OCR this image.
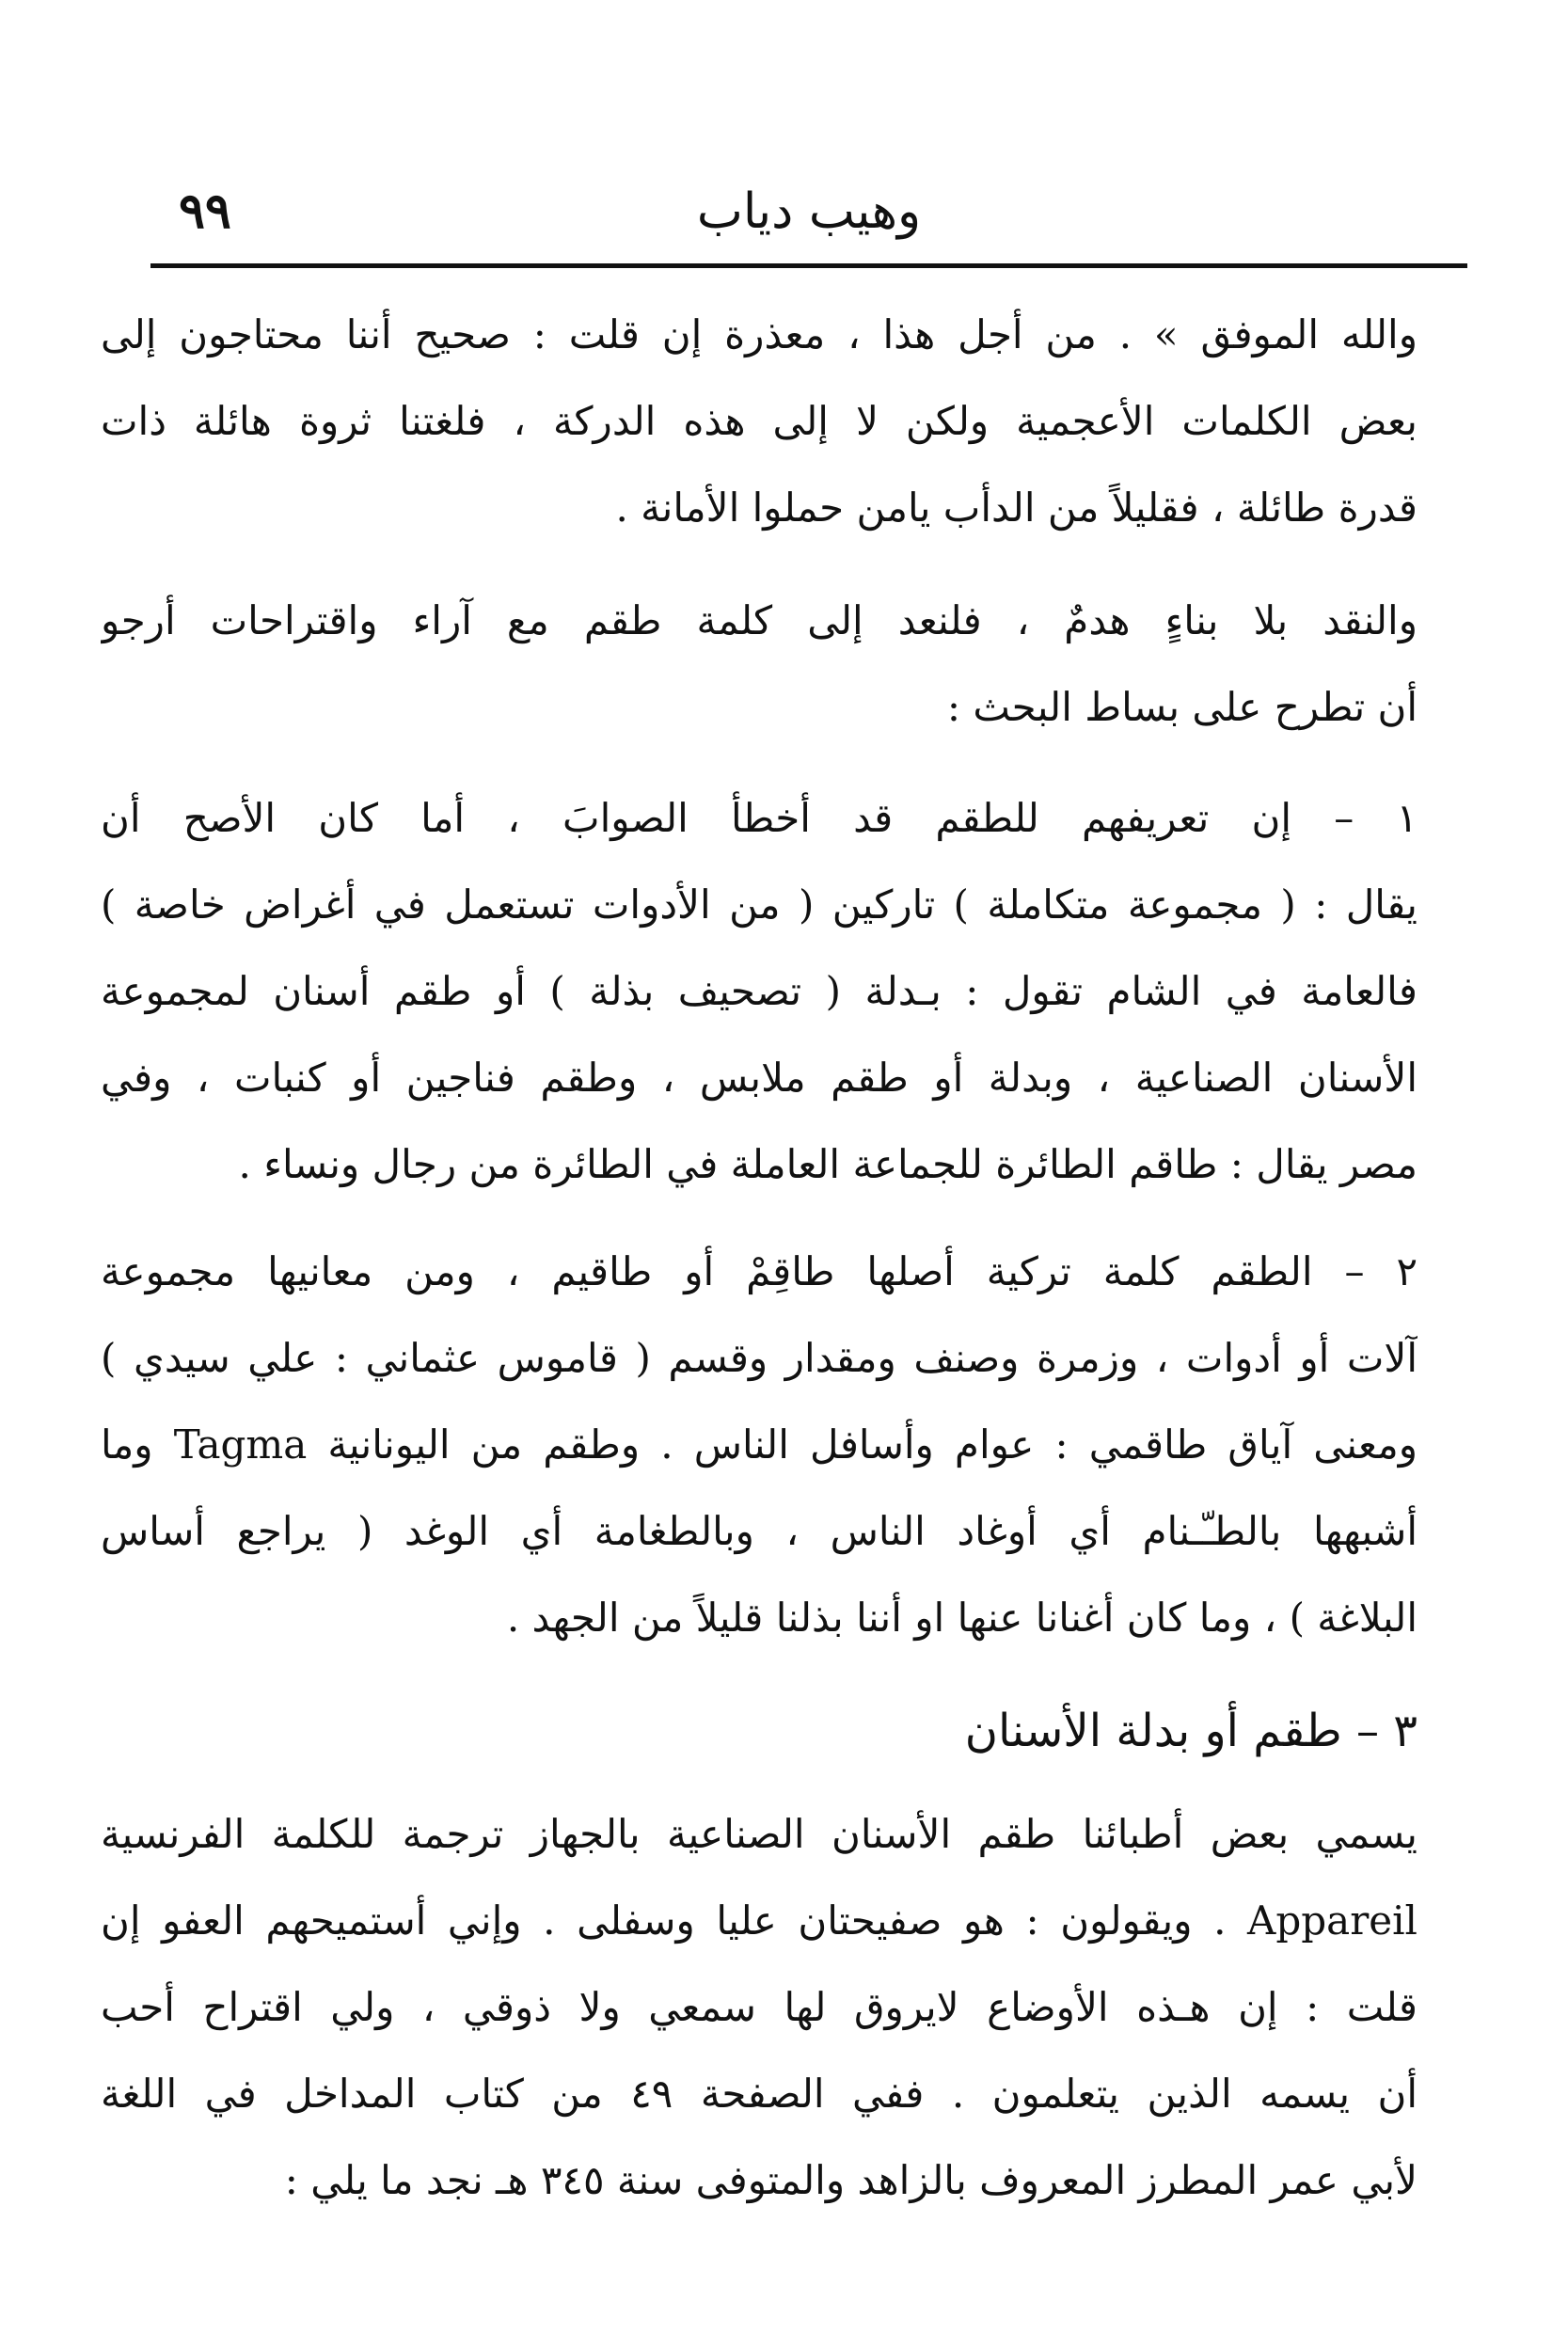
٩٩	وهيب دياب
والله الموفق » . من أجل هذا ، معذرة إن قلت : صحيح أننا محتاجون إلى
بعض الكلمات الأعجمية ولكن لا إلى هذه الدركة ، فلغتنا ثروة هائلة ذات
قدرة طائلة ، فقليلاً من الدأب يامن حملوا الأمانة .
والنقد بلا بناءٍ هدمٌ ، فلنعد إلى كلمة طقم مع آراء واقتراحات أرجو
أن تطرح على بساط البحث :
١ً – إن تعريفهم للطقم قد أخطأ الصوابَ ، أما كان الأصح أن
يقال : ( مجموعة متكاملة ) تاركين ( من الأدوات تستعمل في أغراض خاصة )
فالعامة في الشام تقول : بـدلة ( تصحيف بذلة ) أو طقم أسنان لمجموعة
الأسنان الصناعية ، وبدلة أو طقم ملابس ، وطقم فناجين أو كنبات ، وفي
مصر يقال : طاقم الطائرة للجماعة العاملة في الطائرة من رجال ونساء .
٢ً – الطقم كلمة تركية أصلها طاقِمْ أو طاقيم ، ومن معانيها مجموعة
آلات أو أدوات ، وزمرة وصنف ومقدار وقسم ( قاموس عثماني : علي سيدي )
ومعنى آياق طاقمي : عوام وأسافل الناس . وطقم من اليونانية Tagma وما
أشبهها بالطـّـنام أي أوغاد الناس ، وبالطغامة أي الوغد ( يراجع أساس
البلاغة ) ، وما كان أغنانا عنها او أننا بذلنا قليلاً من الجهد .
٣ً – طقم أو بدلة الأسنان
يسمي بعض أطبائنا طقم الأسنان الصناعية بالجهاز ترجمة للكلمة الفرنسية
Appareil . ويقولون : هو صفيحتان عليا وسفلى . وإني أستميحهم العفو إن
قلت : إن هـذه الأوضاع لايروق لها سمعي ولا ذوقي ، ولي اقتراح أحب
أن يسمه الذين يتعلمون . ففي الصفحة ٤٩ من كتاب المداخل في اللغة
لأبي عمر المطرز المعروف بالزاهد والمتوفى سنة ٣٤٥ هـ نجد ما يلي :
